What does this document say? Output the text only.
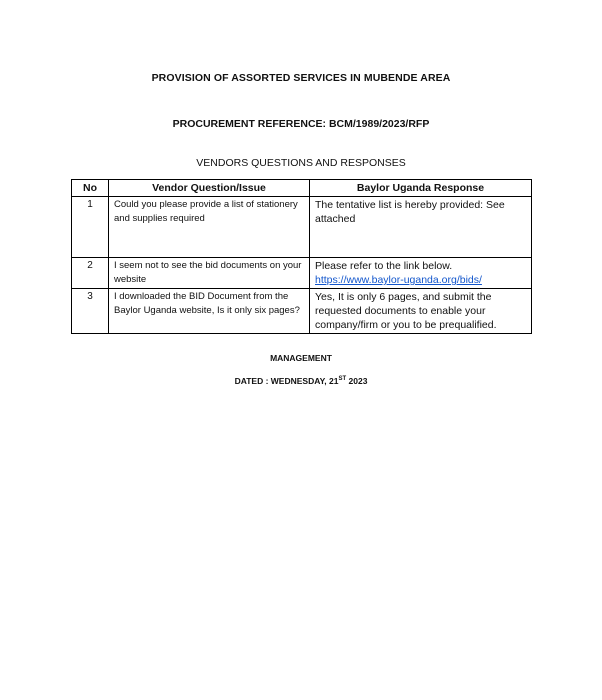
PROVISION OF ASSORTED SERVICES IN MUBENDE AREA
PROCUREMENT REFERENCE: BCM/1989/2023/RFP
VENDORS QUESTIONS AND RESPONSES
No	Vendor Question/Issue	Baylor Uganda Response
1	Could you please provide a list of stationery and supplies required	The tentative list is hereby provided: See attached
2	I seem not to see the bid documents on your website	Please refer to the link below.
https://www.baylor-uganda.org/bids/
3	I downloaded the BID Document from the Baylor Uganda website, Is it only six pages?	Yes, It is only 6 pages, and submit the requested documents to enable your company/firm or you to be prequalified.
MANAGEMENT
DATED : WEDNESDAY, 21ST 2023
